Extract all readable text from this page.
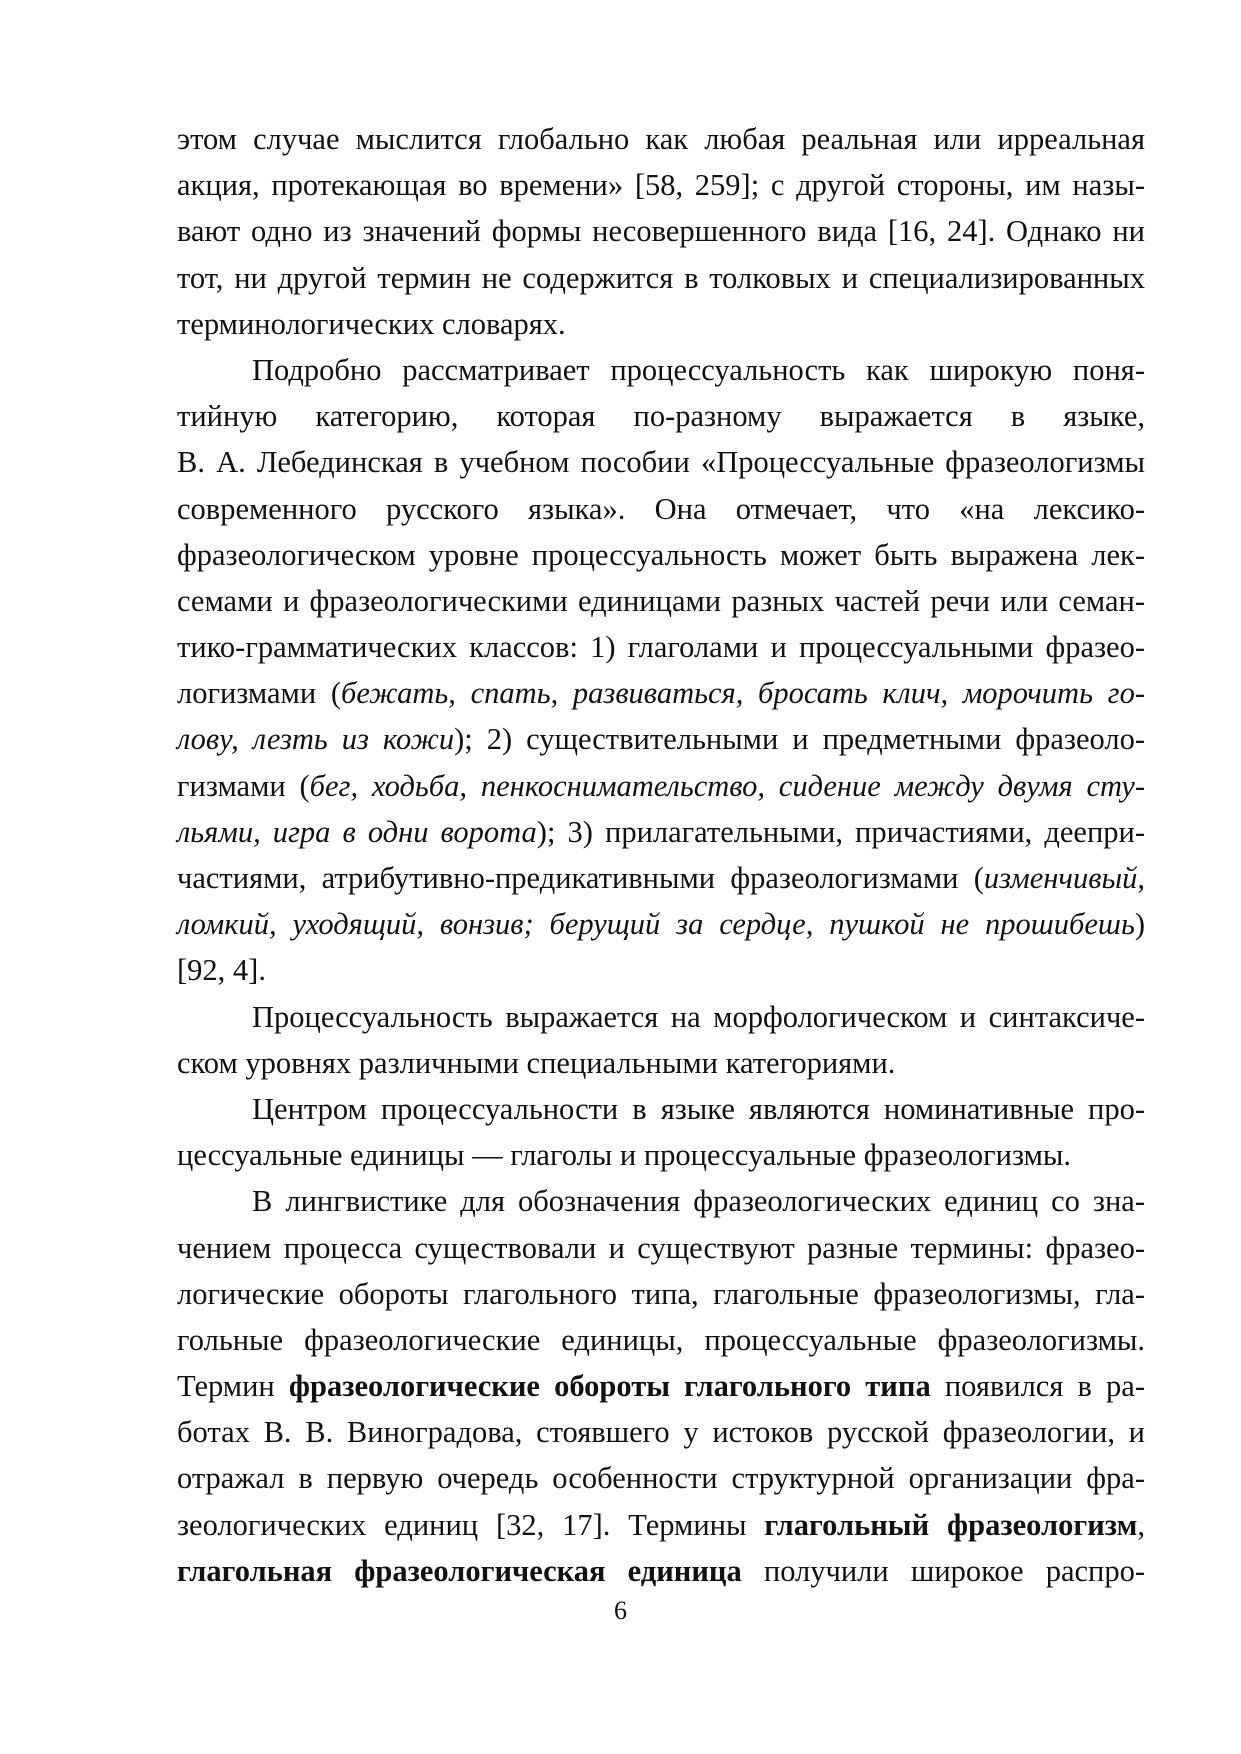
этом случае мыслится глобально как любая реальная или ирреальная
акция, протекающая во времени» [58, 259]; с другой стороны, им назы-
вают одно из значений формы несовершенного вида [16, 24]. Однако ни
тот, ни другой термин не содержится в толковых и специализированных
терминологических словарях.
Подробно рассматривает процессуальность как широкую поня-
тийную категорию, которая по-разному выражается в языке,
В. А. Лебединская в учебном пособии «Процессуальные фразеологизмы
современного русского языка». Она отмечает, что «на лексико-
фразеологическом уровне процессуальность может быть выражена лек-
семами и фразеологическими единицами разных частей речи или семан-
тико-грамматических классов: 1) глаголами и процессуальными фразео-
логизмами (бежать, спать, развиваться, бросать клич, морочить го-
лову, лезть из кожи); 2) существительными и предметными фразеоло-
гизмами (бег, ходьба, пенкоснимательство, сидение между двумя сту-
льями, игра в одни ворота); 3) прилагательными, причастиями, деепри-
частиями, атрибутивно-предикативными фразеологизмами (изменчивый,
ломкий, уходящий, вонзив; берущий за сердце, пушкой не прошибешь)
[92, 4].
Процессуальность выражается на морфологическом и синтаксиче-
ском уровнях различными специальными категориями.
Центром процессуальности в языке являются номинативные про-
цессуальные единицы — глаголы и процессуальные фразеологизмы.
В лингвистике для обозначения фразеологических единиц со зна-
чением процесса существовали и существуют разные термины: фразео-
логические обороты глагольного типа, глагольные фразеологизмы, гла-
гольные фразеологические единицы, процессуальные фразеологизмы.
Термин фразеологические обороты глагольного типа появился в ра-
ботах В. В. Виноградова, стоявшего у истоков русской фразеологии, и
отражал в первую очередь особенности структурной организации фра-
зеологических единиц [32, 17]. Термины глагольный фразеологизм,
глагольная фразеологическая единица получили широкое распро-
6
